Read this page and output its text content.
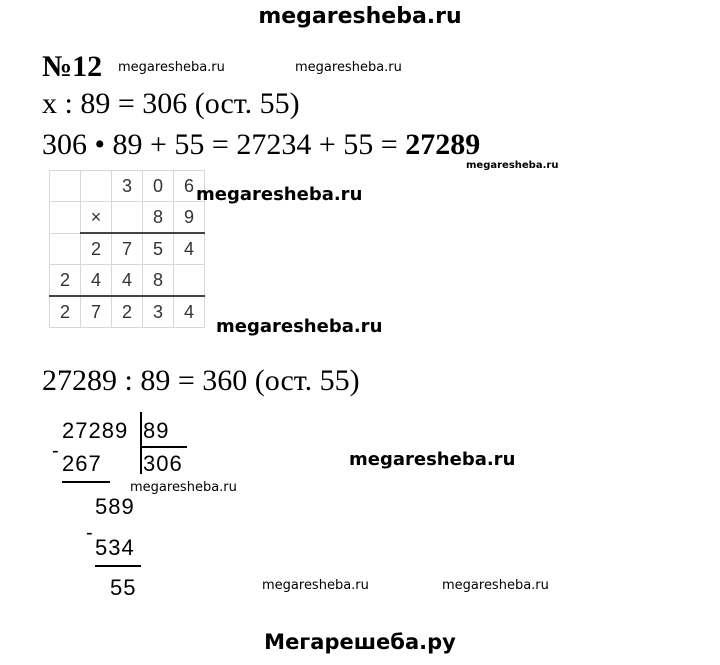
megaresheba.ru
№12 megaresheba.ru	megaresheba.ru
x : 89 = 306 (ост. 55)
306 • 89 + 55 = 27234 + 55 = 27289
megaresheba.ru
		3	0	6
	×		8	9
	2	7	5	4
2	4	4	8	
2	7	2	3	4
megaresheba.ru
megaresheba.ru
27289 : 89 = 360 (ост. 55)
27289 89
306
- 267
589
-
534
55
megaresheba.ru
megaresheba.ru
megaresheba.ru	megaresheba.ru
Мегарешеба.ру
